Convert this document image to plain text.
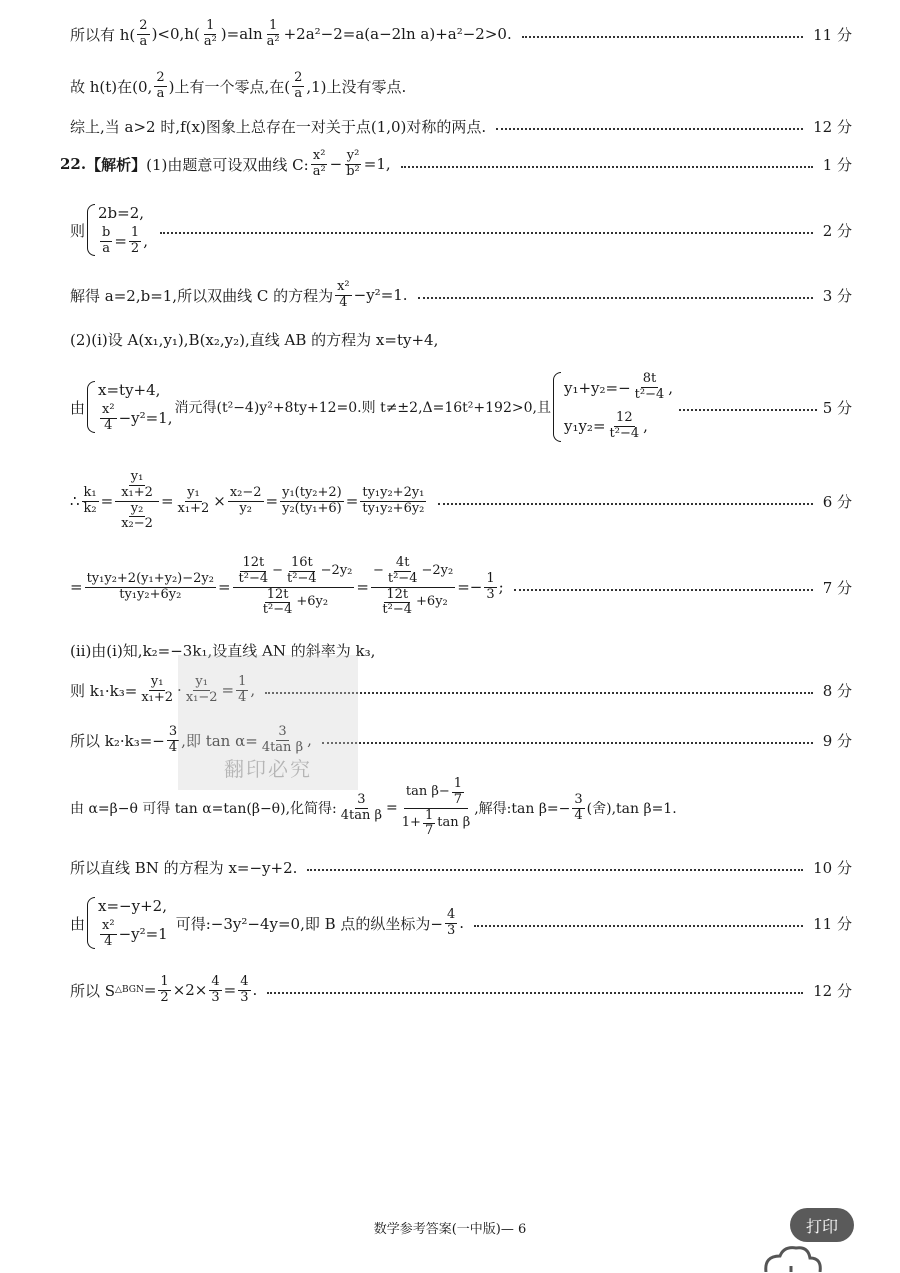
所以有 $h( \frac{2}{a} )<0,h( \frac{1}{\text{a²}} )=aln \frac{1}{\text{a²}} +2a^2-2=a(a-2\ln$ a)+a²−2>0.	11 分
故 h(t)在(0, $\frac{2}{a}$ )上有一个零点,在( $\frac{2}{a} ,1$)上没有零点.
综上,当 a>2 时,f(x)图象上总存在一对关于点(1,0)对称的两点.	12 分
22. 【解析】 (1)由题意可设双曲线 C: $\frac{\text{x²}}{\text{a²}} - \frac{\text{y²}}{\text{b²}} =1$,	1 分
则
2b=2,
$\frac{b}{a} = \frac{1}{2}$ ,
2 分
解得 a=2,b=1,所以双曲线 C 的方程为 $\frac{\text{x²}}{4} -y^2=1$.	3 分
(2)(ⅰ)设 A(x₁,y₁),B(x₂,y₂),直线 AB 的方程为 x=ty+4,
由
x=ty+4,
$\frac{\text{x²}}{4} -y^2=1$,
消元得(t²−4)y²+8ty+12=0.则 t≠±2,Δ=16t²+192>0,且
$y_1+y_2=- \frac{8t}{\text{t²−4}}$ ,
$y_1y_2= \frac{12}{\text{t²−4}}$ ,
5 分
∴ $\frac{\text{k₁}}{\text{k₂}} = \frac{\frac{\text{y₁}}{\text{x₁+2}}}{\frac{\text{y₂}}{\text{x₂−2}}} = \frac{\text{y₁}}{\text{x₁+2}} \times \frac{\text{x₂−2}}{\text{y₂}} = \frac{\text{y₁(ty₂+2)}}{\text{y₂(ty₁+6)}} = \frac{\text{ty₁y₂+2y₁}}{\text{ty₁y₂+6y₂}}$	6 分
= $\frac{\text{ty₁y₂+2(y₁+y₂)−2y₂}}{\text{ty₁y₂+6y₂}} = \frac{\frac{12t}{\text{t²−4}} - \frac{16t}{\text{t²−4}} -2y_2}{\frac{12t}{\text{t²−4}} +6y_2} = \frac{- \frac{4t}{\text{t²−4}} -2y_2}{\frac{12t}{\text{t²−4}} +6y_2} =- \frac{1}{3}$ ;	7 分
(ⅱ)由(ⅰ)知,k₂=−3k₁,设直线 AN 的斜率为 k₃,
则 $k_1\cdot k_3= \frac{\text{y₁}}{\text{x₁+2}} \cdot \frac{\text{y₁}}{\text{x₁−2}} = \frac{1}{4}$ ,	8 分
所以 $k_2\cdot k_3=- \frac{3}{4}$ ,即 $\tan \alpha= \frac{3}{\text{4tan β}}$ ,	9 分
由 α=β−θ 可得 tan α=tan(β−θ),化简得: $\frac{3}{\text{4tan β}} = \frac{\tan \beta- \frac{1}{7}}{1+ \frac{1}{7} \tan \beta}$ ,解得:tan $\beta=- \frac{3}{4}$ (舍),tan β=1.
所以直线 BN 的方程为 x=−y+2.	10 分
由
x=−y+2,
$\frac{\text{x²}}{4} -y^2=1$
可得:−3y²−4y=0,即 B 点的纵坐标为− $\frac{4}{3}$ .	11 分
所以 S △BGN = $\frac{1}{2} \times 2\times \frac{4}{3} = \frac{4}{3}$ .	12 分
翻印必究
数学参考答案(一中版)— 6	打印
